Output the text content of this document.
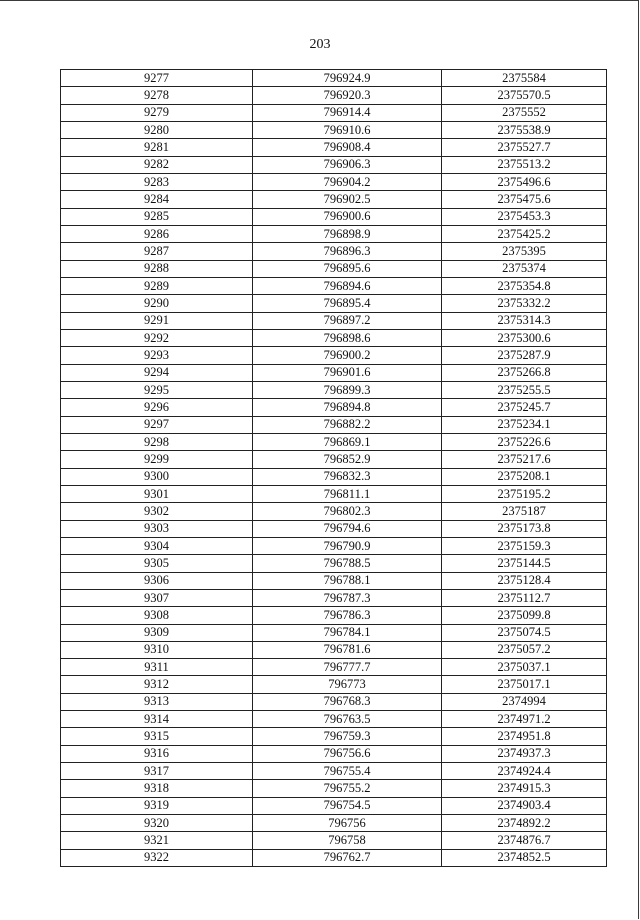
203
9277	796924.9	2375584
9278	796920.3	2375570.5
9279	796914.4	2375552
9280	796910.6	2375538.9
9281	796908.4	2375527.7
9282	796906.3	2375513.2
9283	796904.2	2375496.6
9284	796902.5	2375475.6
9285	796900.6	2375453.3
9286	796898.9	2375425.2
9287	796896.3	2375395
9288	796895.6	2375374
9289	796894.6	2375354.8
9290	796895.4	2375332.2
9291	796897.2	2375314.3
9292	796898.6	2375300.6
9293	796900.2	2375287.9
9294	796901.6	2375266.8
9295	796899.3	2375255.5
9296	796894.8	2375245.7
9297	796882.2	2375234.1
9298	796869.1	2375226.6
9299	796852.9	2375217.6
9300	796832.3	2375208.1
9301	796811.1	2375195.2
9302	796802.3	2375187
9303	796794.6	2375173.8
9304	796790.9	2375159.3
9305	796788.5	2375144.5
9306	796788.1	2375128.4
9307	796787.3	2375112.7
9308	796786.3	2375099.8
9309	796784.1	2375074.5
9310	796781.6	2375057.2
9311	796777.7	2375037.1
9312	796773	2375017.1
9313	796768.3	2374994
9314	796763.5	2374971.2
9315	796759.3	2374951.8
9316	796756.6	2374937.3
9317	796755.4	2374924.4
9318	796755.2	2374915.3
9319	796754.5	2374903.4
9320	796756	2374892.2
9321	796758	2374876.7
9322	796762.7	2374852.5
